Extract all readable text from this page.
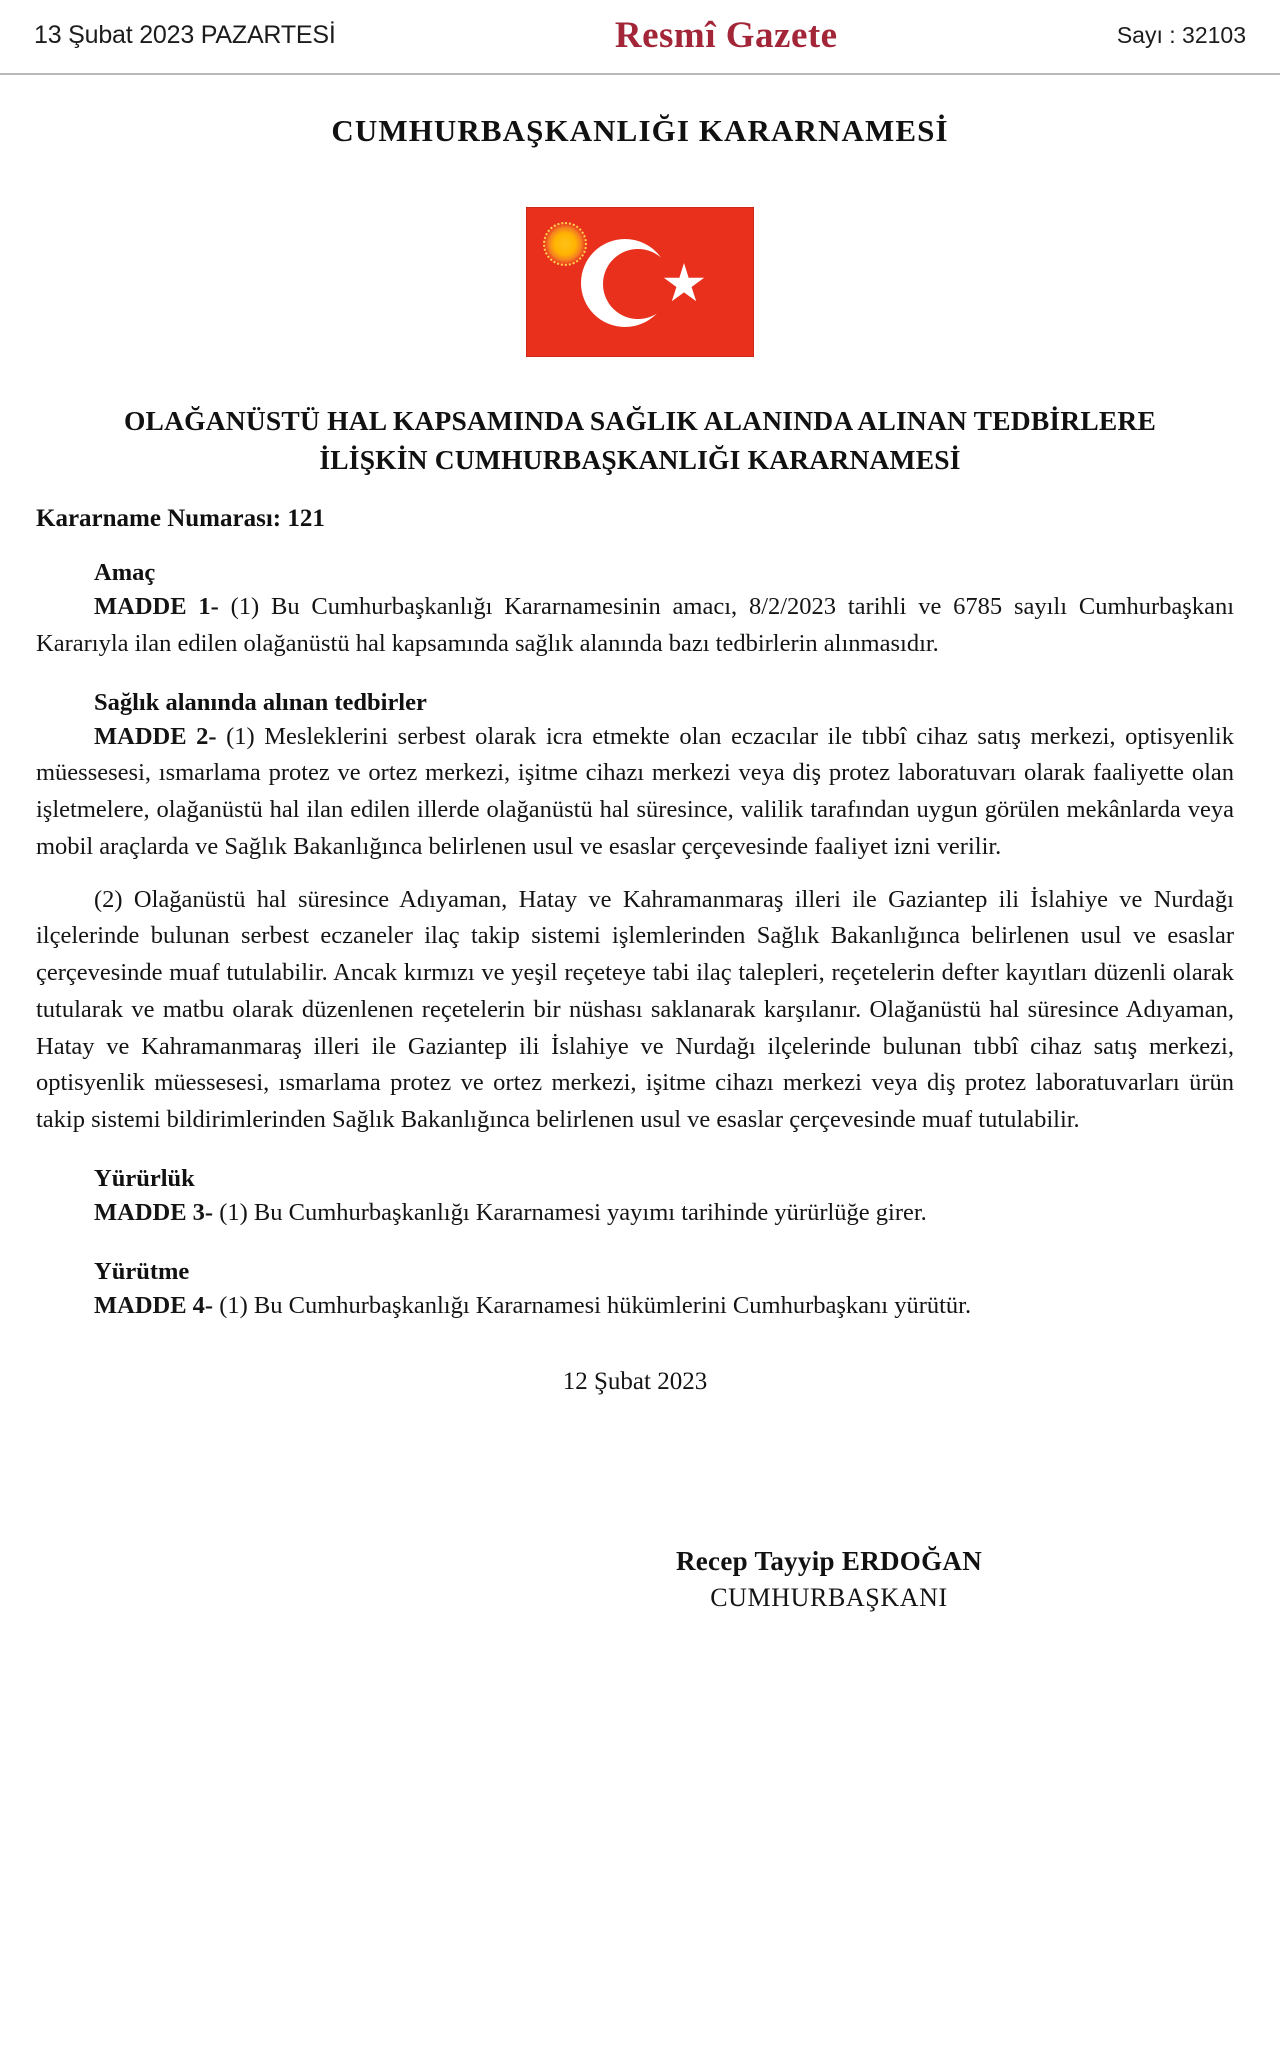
13 Şubat 2023 PAZARTESİ	Resmî Gazete	Sayı : 32103
CUMHURBAŞKANLIĞI KARARNAMESİ
OLAĞANÜSTÜ HAL KAPSAMINDA SAĞLIK ALANINDA ALINAN TEDBİRLERE
İLİŞKİN CUMHURBAŞKANLIĞI KARARNAMESİ
Kararname Numarası: 121
Amaç

MADDE 1- (1) Bu Cumhurbaşkanlığı Kararnamesinin amacı, 8/2/2023 tarihli ve 6785 sayılı Cumhurbaşkanı Kararıyla ilan edilen olağanüstü hal kapsamında sağlık alanında bazı tedbirlerin alınmasıdır.

Sağlık alanında alınan tedbirler

MADDE 2- (1) Mesleklerini serbest olarak icra etmekte olan eczacılar ile tıbbî cihaz satış merkezi, optisyenlik müessesesi, ısmarlama protez ve ortez merkezi, işitme cihazı merkezi veya diş protez laboratuvarı olarak faaliyette olan işletmelere, olağanüstü hal ilan edilen illerde olağanüstü hal süresince, valilik tarafından uygun görülen mekânlarda veya mobil araçlarda ve Sağlık Bakanlığınca belirlenen usul ve esaslar çerçevesinde faaliyet izni verilir.

(2) Olağanüstü hal süresince Adıyaman, Hatay ve Kahramanmaraş illeri ile Gaziantep ili İslahiye ve Nurdağı ilçelerinde bulunan serbest eczaneler ilaç takip sistemi işlemlerinden Sağlık Bakanlığınca belirlenen usul ve esaslar çerçevesinde muaf tutulabilir. Ancak kırmızı ve yeşil reçeteye tabi ilaç talepleri, reçetelerin defter kayıtları düzenli olarak tutularak ve matbu olarak düzenlenen reçetelerin bir nüshası saklanarak karşılanır. Olağanüstü hal süresince Adıyaman, Hatay ve Kahramanmaraş illeri ile Gaziantep ili İslahiye ve Nurdağı ilçelerinde bulunan tıbbî cihaz satış merkezi, optisyenlik müessesesi, ısmarlama protez ve ortez merkezi, işitme cihazı merkezi veya diş protez laboratuvarları ürün takip sistemi bildirimlerinden Sağlık Bakanlığınca belirlenen usul ve esaslar çerçevesinde muaf tutulabilir.

Yürürlük

MADDE 3- (1) Bu Cumhurbaşkanlığı Kararnamesi yayımı tarihinde yürürlüğe girer.

Yürütme

MADDE 4- (1) Bu Cumhurbaşkanlığı Kararnamesi hükümlerini Cumhurbaşkanı yürütür.

12 Şubat 2023
Recep Tayyip ERDOĞAN
CUMHURBAŞKANI
